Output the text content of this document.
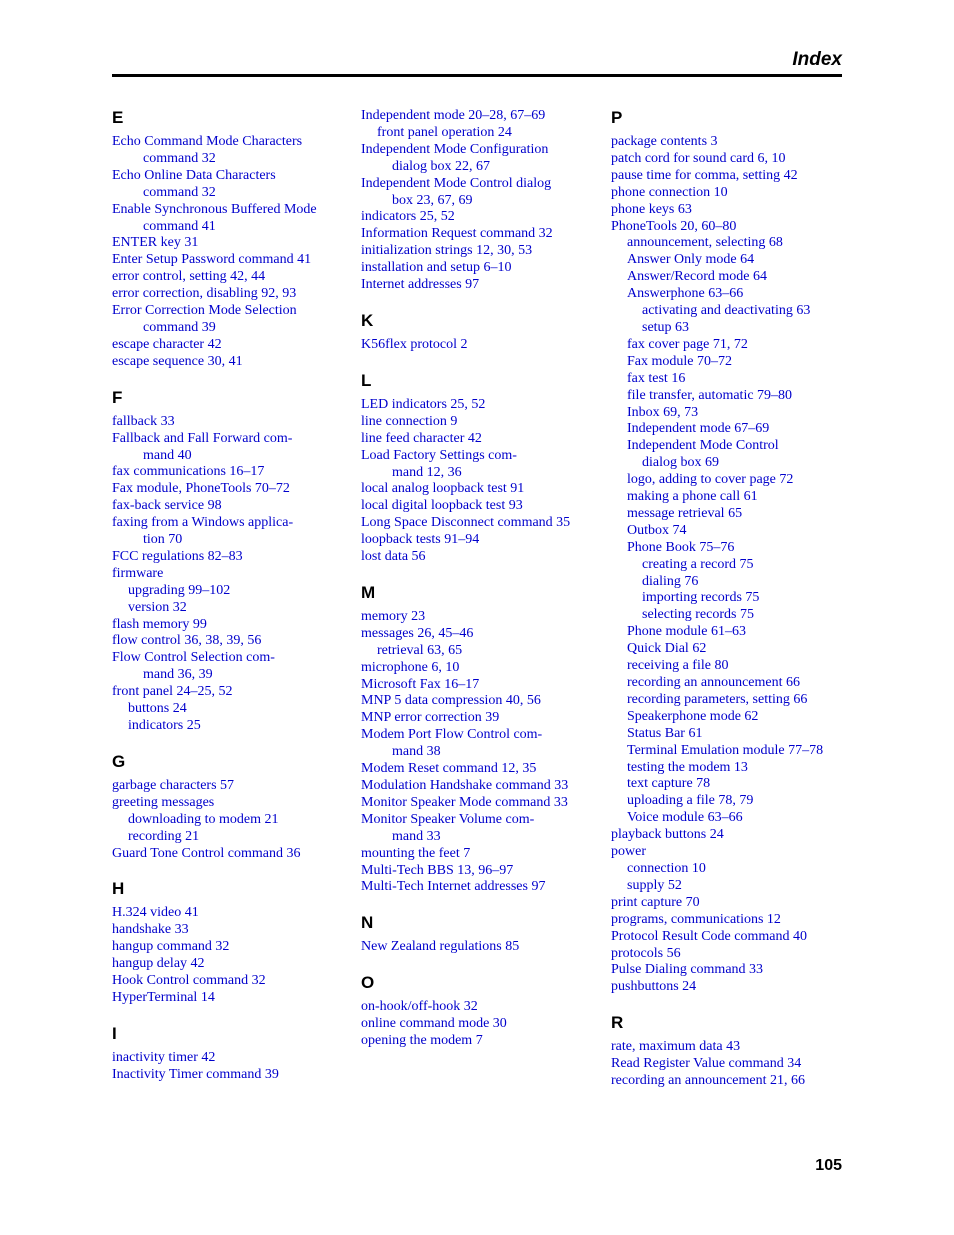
Index
E
Echo Command Mode Characters
command 32
Echo Online Data Characters
command 32
Enable Synchronous Buffered Mode
command 41
ENTER key 31
Enter Setup Password command 41
error control, setting 42, 44
error correction, disabling 92, 93
Error Correction Mode Selection
command 39
escape character 42
escape sequence 30, 41
F
fallback 33
Fallback and Fall Forward com-
mand 40
fax communications 16–17
Fax module, PhoneTools 70–72
fax-back service 98
faxing from a Windows applica-
tion 70
FCC regulations 82–83
firmware
upgrading 99–102
version 32
flash memory 99
flow control 36, 38, 39, 56
Flow Control Selection com-
mand 36, 39
front panel 24–25, 52
buttons 24
indicators 25
G
garbage characters 57
greeting messages
downloading to modem 21
recording 21
Guard Tone Control command 36
H
H.324 video 41
handshake 33
hangup command 32
hangup delay 42
Hook Control command 32
HyperTerminal 14
I
inactivity timer 42
Inactivity Timer command 39
Independent mode 20–28, 67–69
front panel operation 24
Independent Mode Configuration
dialog box 22, 67
Independent Mode Control dialog
box 23, 67, 69
indicators 25, 52
Information Request command 32
initialization strings 12, 30, 53
installation and setup 6–10
Internet addresses 97
K
K56flex protocol 2
L
LED indicators 25, 52
line connection 9
line feed character 42
Load Factory Settings com-
mand 12, 36
local analog loopback test 91
local digital loopback test 93
Long Space Disconnect command 35
loopback tests 91–94
lost data 56
M
memory 23
messages 26, 45–46
retrieval 63, 65
microphone 6, 10
Microsoft Fax 16–17
MNP 5 data compression 40, 56
MNP error correction 39
Modem Port Flow Control com-
mand 38
Modem Reset command 12, 35
Modulation Handshake command 33
Monitor Speaker Mode command 33
Monitor Speaker Volume com-
mand 33
mounting the feet 7
Multi-Tech BBS 13, 96–97
Multi-Tech Internet addresses 97
N
New Zealand regulations 85
O
on-hook/off-hook 32
online command mode 30
opening the modem 7
P
package contents 3
patch cord for sound card 6, 10
pause time for comma, setting 42
phone connection 10
phone keys 63
PhoneTools 20, 60–80
announcement, selecting 68
Answer Only mode 64
Answer/Record mode 64
Answerphone 63–66
activating and deactivating 63
setup 63
fax cover page 71, 72
Fax module 70–72
fax test 16
file transfer, automatic 79–80
Inbox 69, 73
Independent mode 67–69
Independent Mode Control
dialog box 69
logo, adding to cover page 72
making a phone call 61
message retrieval 65
Outbox 74
Phone Book 75–76
creating a record 75
dialing 76
importing records 75
selecting records 75
Phone module 61–63
Quick Dial 62
receiving a file 80
recording an announcement 66
recording parameters, setting 66
Speakerphone mode 62
Status Bar 61
Terminal Emulation module 77–78
testing the modem 13
text capture 78
uploading a file 78, 79
Voice module 63–66
playback buttons 24
power
connection 10
supply 52
print capture 70
programs, communications 12
Protocol Result Code command 40
protocols 56
Pulse Dialing command 33
pushbuttons 24
R
rate, maximum data 43
Read Register Value command 34
recording an announcement 21, 66
105
